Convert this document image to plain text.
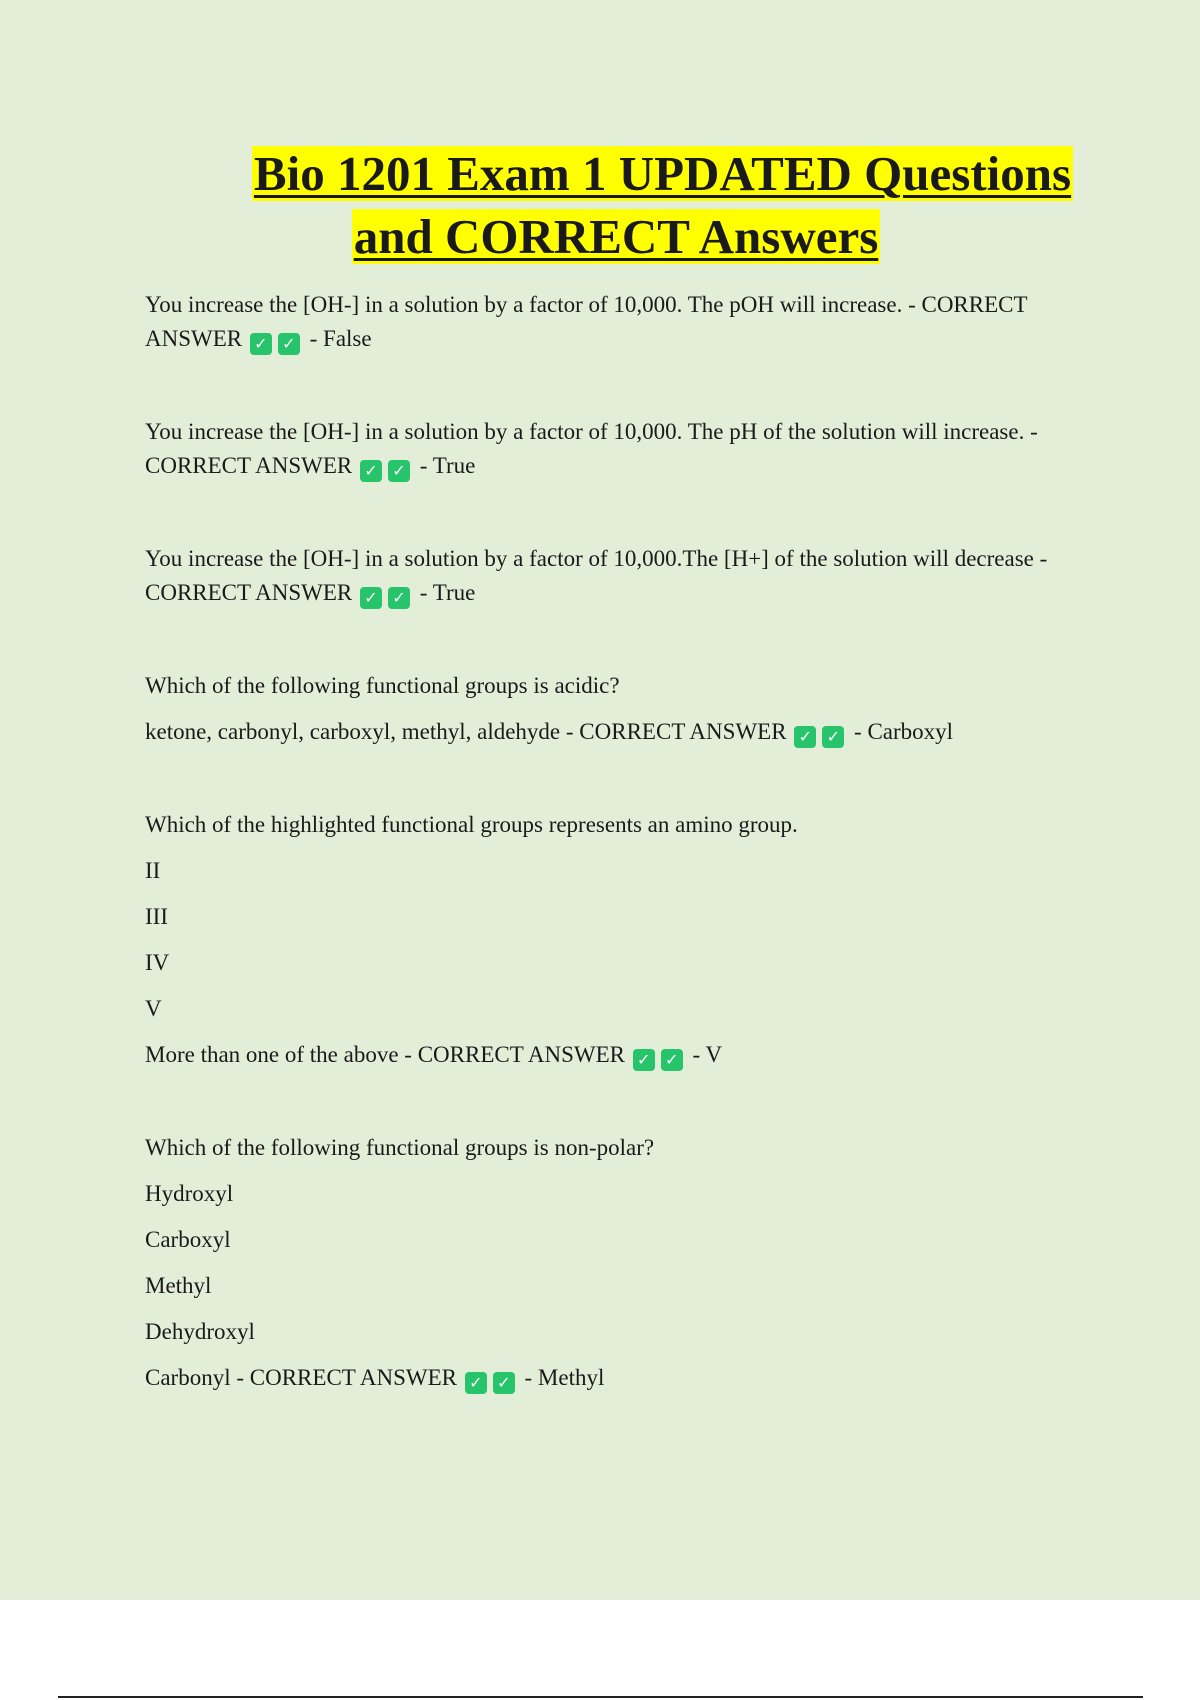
Bio 1201 Exam 1 UPDATED Questions
and CORRECT Answers

You increase the [OH-] in a solution by a factor of 10,000. The pOH will increase. - CORRECT ANSWER ✓ ✓ - False

You increase the [OH-] in a solution by a factor of 10,000. The pH of the solution will increase. - CORRECT ANSWER ✓ ✓ - True

You increase the [OH-] in a solution by a factor of 10,000.The [H+] of the solution will decrease - CORRECT ANSWER ✓ ✓ - True

Which of the following functional groups is acidic?

ketone, carbonyl, carboxyl, methyl, aldehyde - CORRECT ANSWER ✓ ✓ - Carboxyl

Which of the highlighted functional groups represents an amino group.

II
III
IV
V

More than one of the above - CORRECT ANSWER ✓ ✓ - V

Which of the following functional groups is non-polar?

Hydroxyl
Carboxyl
Methyl
Dehydroxyl

Carbonyl - CORRECT ANSWER ✓ ✓ - Methyl
